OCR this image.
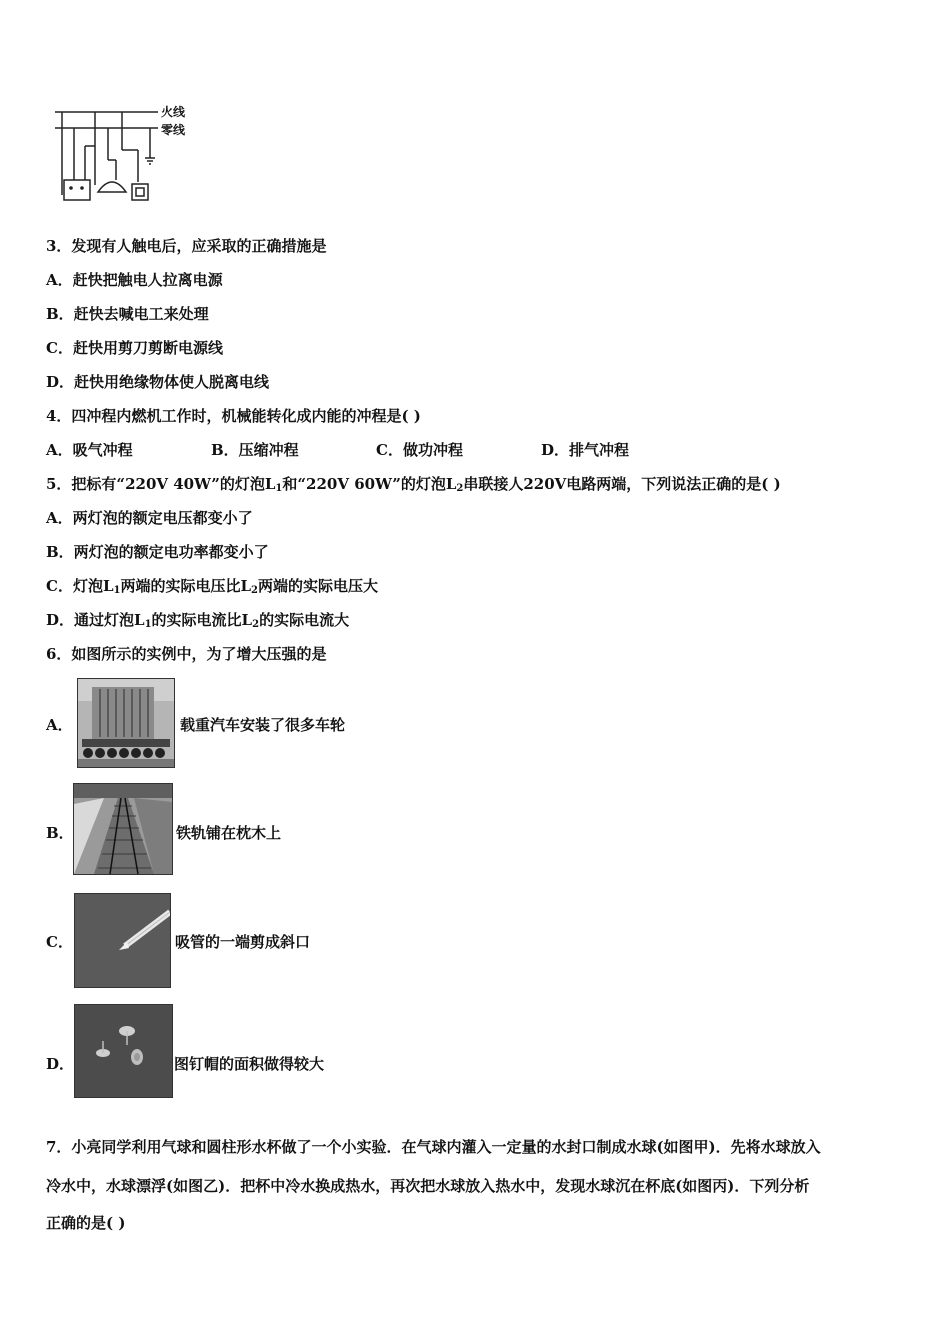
火线
零线
3．发现有人触电后，应采取的正确措施是
A．赶快把触电人拉离电源
B．赶快去喊电工来处理
C．赶快用剪刀剪断电源线
D．赶快用绝缘物体使人脱离电线
4．四冲程内燃机工作时，机械能转化成内能的冲程是( )
A．吸气冲程	B．压缩冲程	C．做功冲程	D．排气冲程
5．把标有“220V 40W”的灯泡$L_1$和“220V 60W”的灯泡$L_2$串联接人220V电路两端，下列说法正确的是( )
A．两灯泡的额定电压都变小了
B．两灯泡的额定电功率都变小了
C．灯泡$L_1$两端的实际电压比$L_2$两端的实际电压大
D．通过灯泡$L_1$的实际电流比$L_2$的实际电流大
6．如图所示的实例中，为了增大压强的是
A．	载重汽车安装了很多车轮
B．	铁轨铺在枕木上
C．	吸管的一端剪成斜口
D．	图钉帽的面积做得较大
7．小亮同学利用气球和圆柱形水杯做了一个小实验．在气球内灌入一定量的水封口制成水球(如图甲)．先将水球放入
冷水中，水球漂浮(如图乙)．把杯中冷水换成热水，再次把水球放入热水中，发现水球沉在杯底(如图丙)．下列分析
正确的是( )
